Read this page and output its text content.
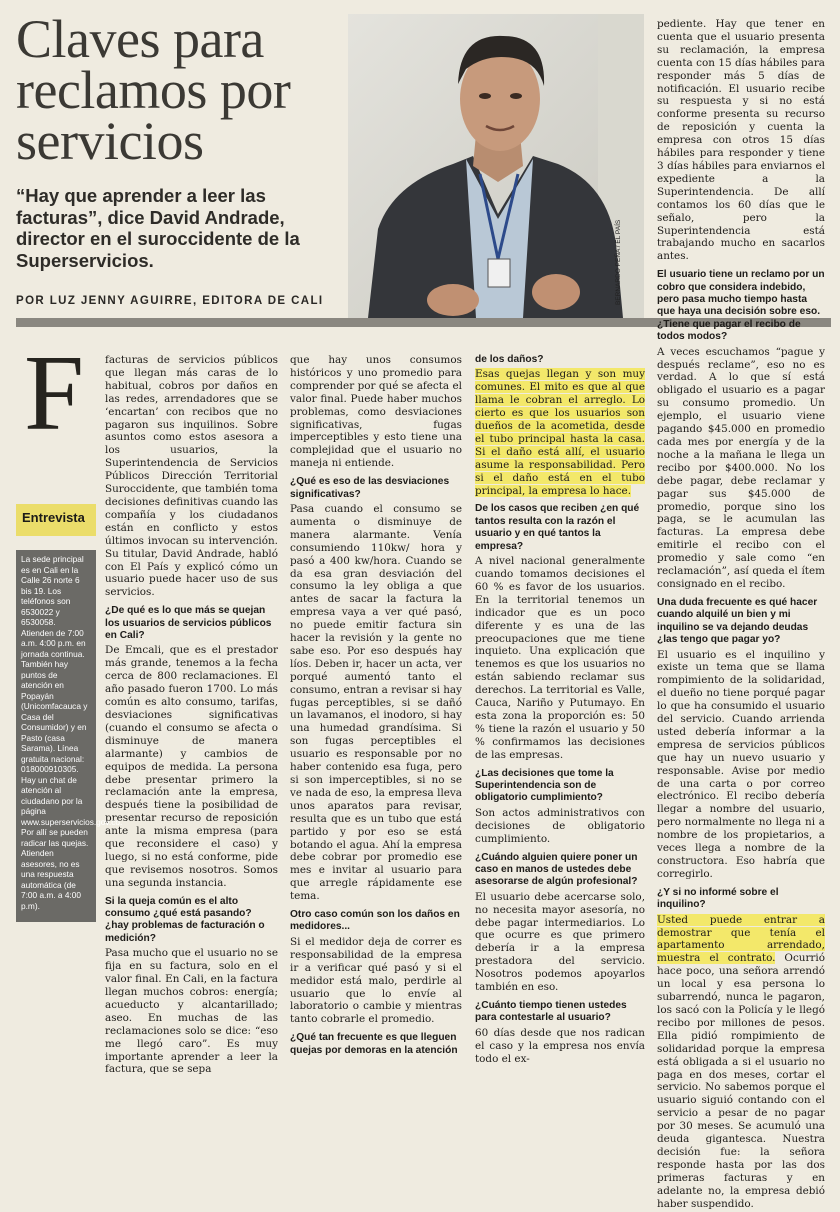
Claves para reclamos por servicios
“Hay que aprender a leer las facturas”, dice David Andrade, director en el suroccidente de la Superservicios.
POR LUZ JENNY AGUIRRE, EDITORA DE CALI	BERNARDO PEÑA / EL PAÍS
F facturas de servicios públicos que llegan más caras de lo habitual, cobros por daños en las redes, arrendadores que se ‘encartan’ con recibos que no pagaron sus inquilinos. Sobre asuntos como estos asesora a los usuarios, la Superintendencia de Servicios Públicos Dirección Territorial Suroccidente, que también toma decisiones definitivas cuando las compañía y los ciudadanos están en conflicto y estos últimos invocan su intervención. Su titular, David Andrade, habló con El País y explicó cómo un usuario puede hacer uso de sus servicios.

¿De qué es lo que más se quejan los usuarios de servicios públicos en Cali?

De Emcali, que es el prestador más grande, tenemos a la fecha cerca de 800 reclamaciones. El año pasado fueron 1700. Lo más común es alto consumo, tarifas, desviaciones significativas (cuando el consumo se afecta o disminuye de manera alarmante) y cambios de equipos de medida. La persona debe presentar primero la reclamación ante la empresa, después tiene la posibilidad de presentar recurso de reposición ante la misma empresa (para que reconsidere el caso) y luego, si no está conforme, pide que revisemos nosotros. Somos una segunda instancia.

Si la queja común es el alto consumo ¿qué está pasando? ¿hay problemas de facturación o medición?

Pasa mucho que el usuario no se fija en su factura, solo en el valor final. En Cali, en la factura llegan muchos cobros: energía; acueducto y alcantarillado; aseo. En muchas de las reclamaciones solo se dice: “eso me llegó caro”. Es muy importante aprender a leer la factura, que se sepa

Entrevista
La sede principal es en Cali en la Calle 26 norte 6 bis 19. Los teléfonos son 6530022 y 6530058. Atienden de 7:00 a.m. 4:00 p.m. en jornada continua. También hay puntos de atención en Popayán (Unicomfacauca y Casa del Consumidor) y en Pasto (casa Sarama). Línea gratuita nacional: 018000910305. Hay un chat de atención al ciudadano por la página www.superservicios.gov.co. Por allí se pueden radicar las quejas. Atienden asesores, no es una respuesta automática (de 7:00 a.m. a 4:00 p.m).

que hay unos consumos históricos y uno promedio para comprender por qué se afecta el valor final. Puede haber muchos problemas, como desviaciones significativas, fugas imperceptibles y esto tiene una complejidad que el usuario no maneja ni entiende.

¿Qué es eso de las desviaciones significativas?

Pasa cuando el consumo se aumenta o disminuye de manera alarmante. Venía consumiendo 110kw/ hora y pasó a 400 kw/hora. Cuando se da esa gran desviación del consumo la ley obliga a que antes de sacar la factura la empresa vaya a ver qué pasó, no puede emitir factura sin hacer la revisión y la gente no sabe eso. Por eso después hay líos. Deben ir, hacer un acta, ver porqué aumentó tanto el consumo, entran a revisar si hay fugas perceptibles, si se dañó un lavamanos, el inodoro, si hay una humedad grandísima. Si son fugas perceptibles el usuario es responsable por no haber contenido esa fuga, pero si son imperceptibles, si no se ve nada de eso, la empresa lleva unos aparatos para revisar, resulta que es un tubo que está partido y por eso se está botando el agua. Ahí la empresa debe cobrar por promedio ese mes e invitar al usuario para que arregle rápidamente ese tema.

Otro caso común son los daños en medidores...

Si el medidor deja de correr es responsabilidad de la empresa ir a verificar qué pasó y si el medidor está malo, perdirle al usuario que lo envíe al laboratorio o cambie y mientras tanto cobrarle el promedio.

¿Qué tan frecuente es que lleguen quejas por demoras en la atención

de los daños?

Esas quejas llegan y son muy comunes. El mito es que al que llama le cobran el arreglo. Lo cierto es que los usuarios son dueños de la acometida, desde el tubo principal hasta la casa. Si el daño está allí, el usuario asume la responsabilidad. Pero si el daño está en el tubo principal, la empresa lo hace.

De los casos que reciben ¿en qué tantos resulta con la razón el usuario y en qué tantos la empresa?

A nivel nacional generalmente cuando tomamos decisiones el 60 % es favor de los usuarios. En la territorial tenemos un indicador que es un poco diferente y es una de las preocupaciones que me tiene inquieto. Una explicación que tenemos es que los usuarios no están sabiendo reclamar sus derechos. La territorial es Valle, Cauca, Nariño y Putumayo. En esta zona la proporción es: 50 % tiene la razón el usuario y 50 % confirmamos las decisiones de las empresas.

¿Las decisiones que tome la Superintendencia son de obligatorio cumplimiento?

Son actos administrativos con decisiones de obligatorio cumplimiento.

¿Cuándo alguien quiere poner un caso en manos de ustedes debe asesorarse de algún profesional?

El usuario debe acercarse solo, no necesita mayor asesoría, no debe pagar intermediarios. Lo que ocurre es que primero debería ir a la empresa prestadora del servicio. Nosotros podemos apoyarlos también en eso.

¿Cuánto tiempo tienen ustedes para contestarle al usuario?

60 días desde que nos radican el caso y la empresa nos envía todo el ex-

pediente. Hay que tener en cuenta que el usuario presenta su reclamación, la empresa cuenta con 15 días hábiles para responder más 5 días de notificación. El usuario recibe su respuesta y si no está conforme presenta su recurso de reposición y cuenta la empresa con otros 15 días hábiles para responder y tiene 3 días hábiles para enviarnos el expediente a la Superintendencia. De allí contamos los 60 días que le señalo, pero la Superintendencia está trabajando mucho en sacarlos antes.

El usuario tiene un reclamo por un cobro que considera indebido, pero pasa mucho tiempo hasta que haya una decisión sobre eso. ¿Tiene que pagar el recibo de todos modos?

A veces escuchamos “pague y después reclame”, eso no es verdad. A lo que sí está obligado el usuario es a pagar su consumo promedio. Un ejemplo, el usuario viene pagando $45.000 en promedio cada mes por energía y de la noche a la mañana le llega un recibo por $400.000. No los debe pagar, debe reclamar y pagar sus $45.000 de promedio, porque sino los paga, se le acumulan las facturas. La empresa debe emitirle el recibo con el promedio y sale como “en reclamación”, así queda el ítem consignado en el recibo.

Una duda frecuente es qué hacer cuando alquilé un bien y mi inquilino se va dejando deudas ¿las tengo que pagar yo?

El usuario es el inquilino y existe un tema que se llama rompimiento de la solidaridad, el dueño no tiene porqué pagar lo que ha consumido el usuario del servicio. Cuando arrienda usted debería informar a la empresa de servicios públicos que hay un nuevo usuario y responsable. Avise por medio de una carta o por correo electrónico. El recibo debería llegar a nombre del usuario, pero normalmente no llega ni a nombre de los propietarios, a veces llega a nombre de la constructora. Eso habría que corregirlo.

¿Y si no informé sobre el inquilino?

Usted puede entrar a demostrar que tenía el apartamento arrendado, muestra el contrato. Ocurrió hace poco, una señora arrendó un local y esa persona lo subarrendó, nunca le pagaron, los sacó con la Policía y le llegó recibo por millones de pesos. Ella pidió rompimiento de solidaridad porque la empresa está obligada a si el usuario no paga en dos meses, cortar el servicio. No sabemos porque el usuario siguió contando con el servicio a pesar de no pagar por 30 meses. Se acumuló una deuda gigantesca. Nuestra decisión fue: la señora responde hasta por las dos primeras facturas y en adelante no, la empresa debió haber suspendido.
